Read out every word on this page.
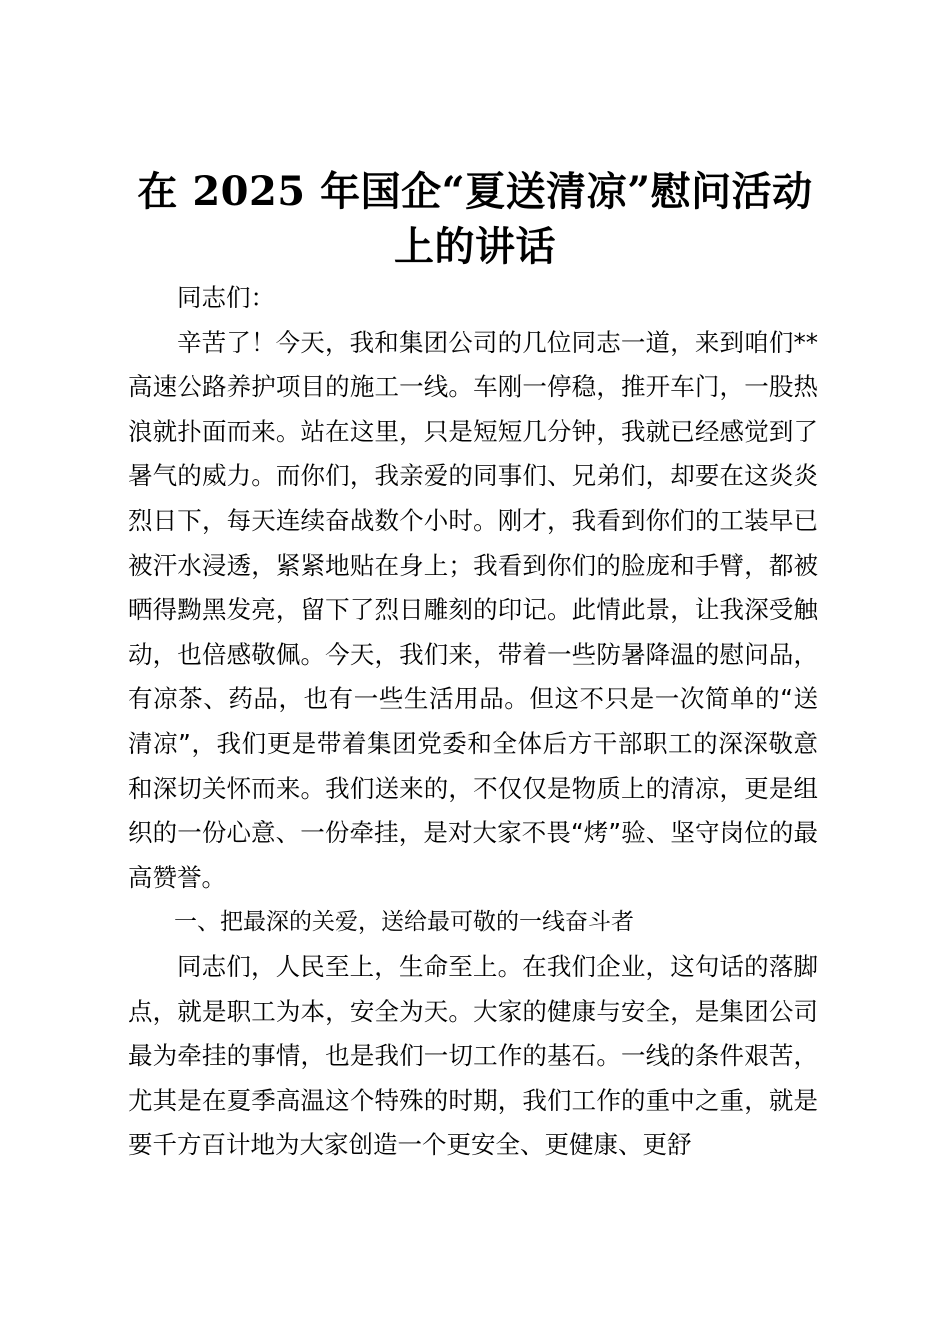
在 2025 年国企“夏送清凉”慰问活动上的讲话

同志们：

辛苦了！今天，我和集团公司的几位同志一道，来到咱们**高速公路养护项目的施工一线。车刚一停稳，推开车门，一股热浪就扑面而来。站在这里，只是短短几分钟，我就已经感觉到了暑气的威力。而你们，我亲爱的同事们、兄弟们，却要在这炎炎烈日下，每天连续奋战数个小时。刚才，我看到你们的工装早已被汗水浸透，紧紧地贴在身上；我看到你们的脸庞和手臂，都被晒得黝黑发亮，留下了烈日雕刻的印记。此情此景，让我深受触动，也倍感敬佩。今天，我们来，带着一些防暑降温的慰问品，有凉茶、药品，也有一些生活用品。但这不只是一次简单的“送清凉”，我们更是带着集团党委和全体后方干部职工的深深敬意和深切关怀而来。我们送来的，不仅仅是物质上的清凉，更是组织的一份心意、一份牵挂，是对大家不畏“烤”验、坚守岗位的最高赞誉。

一、把最深的关爱，送给最可敬的一线奋斗者

同志们，人民至上，生命至上。在我们企业，这句话的落脚点，就是职工为本，安全为天。大家的健康与安全，是集团公司最为牵挂的事情，也是我们一切工作的基石。一线的条件艰苦，尤其是在夏季高温这个特殊的时期，我们工作的重中之重，就是要千方百计地为大家创造一个更安全、更健康、更舒
